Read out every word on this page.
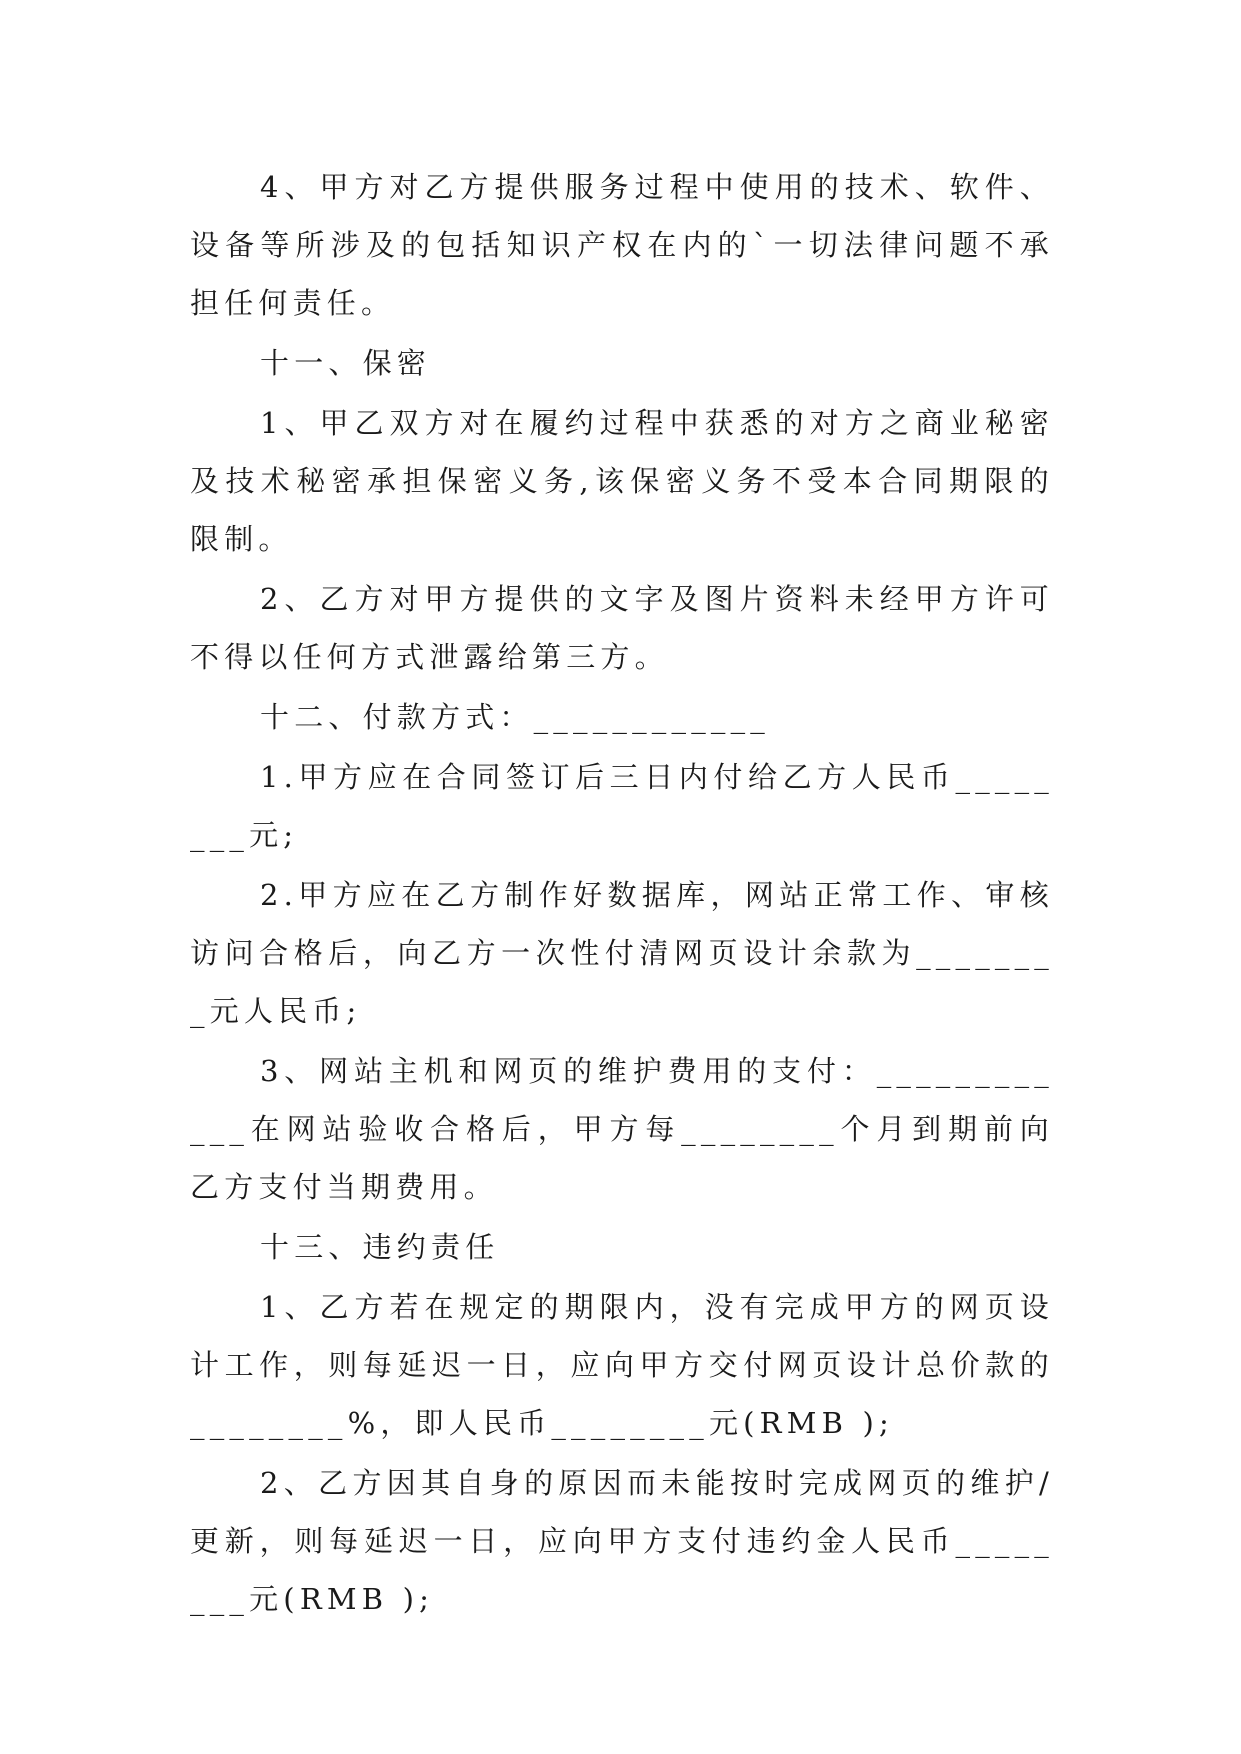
4、甲方对乙方提供服务过程中使用的技术、软件、设备等所涉及的包括知识产权在内的`一切法律问题不承担任何责任。

十一、保密

1、甲乙双方对在履约过程中获悉的对方之商业秘密及技术秘密承担保密义务,该保密义务不受本合同期限的限制。

2、乙方对甲方提供的文字及图片资料未经甲方许可不得以任何方式泄露给第三方。

十二、付款方式：____________

1.甲方应在合同签订后三日内付给乙方人民币________元;

2.甲方应在乙方制作好数据库，网站正常工作、审核访问合格后，向乙方一次性付清网页设计余款为________元人民币;

3、网站主机和网页的维护费用的支付：____________在网站验收合格后，甲方每________个月到期前向乙方支付当期费用。

十三、违约责任

1、乙方若在规定的期限内，没有完成甲方的网页设计工作，则每延迟一日，应向甲方交付网页设计总价款的________%，即人民币________元(RMB );

2、乙方因其自身的原因而未能按时完成网页的维护/更新，则每延迟一日，应向甲方支付违约金人民币________元(RMB );
